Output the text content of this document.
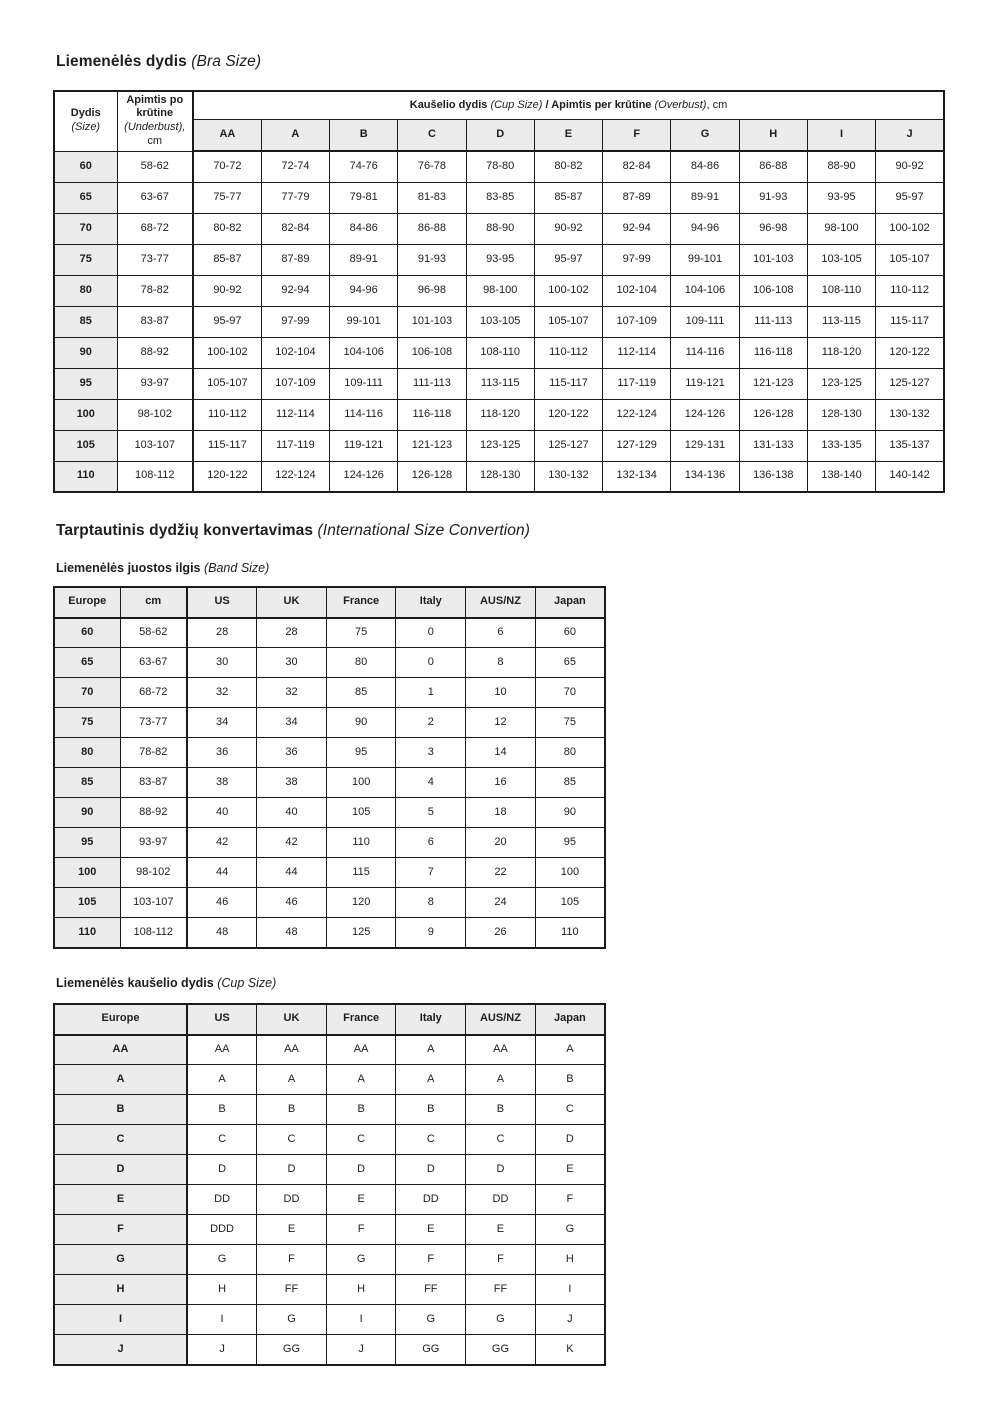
Liemenėlės dydis (Bra Size)
Dydis
(Size)	Apimtis po krūtine (Underbust), cm	Kaušelio dydis (Cup Size) / Apimtis per krūtine (Overbust), cm										
		AA	A	B	C	D	E	F	G	H	I	J
60	58-62	70-72	72-74	74-76	76-78	78-80	80-82	82-84	84-86	86-88	88-90	90-92
65	63-67	75-77	77-79	79-81	81-83	83-85	85-87	87-89	89-91	91-93	93-95	95-97
70	68-72	80-82	82-84	84-86	86-88	88-90	90-92	92-94	94-96	96-98	98-100	100-102
75	73-77	85-87	87-89	89-91	91-93	93-95	95-97	97-99	99-101	101-103	103-105	105-107
80	78-82	90-92	92-94	94-96	96-98	98-100	100-102	102-104	104-106	106-108	108-110	110-112
85	83-87	95-97	97-99	99-101	101-103	103-105	105-107	107-109	109-111	111-113	113-115	115-117
90	88-92	100-102	102-104	104-106	106-108	108-110	110-112	112-114	114-116	116-118	118-120	120-122
95	93-97	105-107	107-109	109-111	111-113	113-115	115-117	117-119	119-121	121-123	123-125	125-127
100	98-102	110-112	112-114	114-116	116-118	118-120	120-122	122-124	124-126	126-128	128-130	130-132
105	103-107	115-117	117-119	119-121	121-123	123-125	125-127	127-129	129-131	131-133	133-135	135-137
110	108-112	120-122	122-124	124-126	126-128	128-130	130-132	132-134	134-136	136-138	138-140	140-142
Tarptautinis dydžių konvertavimas (International Size Convertion)
Liemenėlės juostos ilgis (Band Size)
Europe	cm	US	UK	France	Italy	AUS/NZ	Japan
60	58-62	28	28	75	0	6	60
65	63-67	30	30	80	0	8	65
70	68-72	32	32	85	1	10	70
75	73-77	34	34	90	2	12	75
80	78-82	36	36	95	3	14	80
85	83-87	38	38	100	4	16	85
90	88-92	40	40	105	5	18	90
95	93-97	42	42	110	6	20	95
100	98-102	44	44	115	7	22	100
105	103-107	46	46	120	8	24	105
110	108-112	48	48	125	9	26	110
Liemenėlės kaušelio dydis (Cup Size)
Europe	US	UK	France	Italy	AUS/NZ	Japan
AA	AA	AA	AA	A	AA	A
A	A	A	A	A	A	B
B	B	B	B	B	B	C
C	C	C	C	C	C	D
D	D	D	D	D	D	E
E	DD	DD	E	DD	DD	F
F	DDD	E	F	E	E	G
G	G	F	G	F	F	H
H	H	FF	H	FF	FF	I
I	I	G	I	G	G	J
J	J	GG	J	GG	GG	K
